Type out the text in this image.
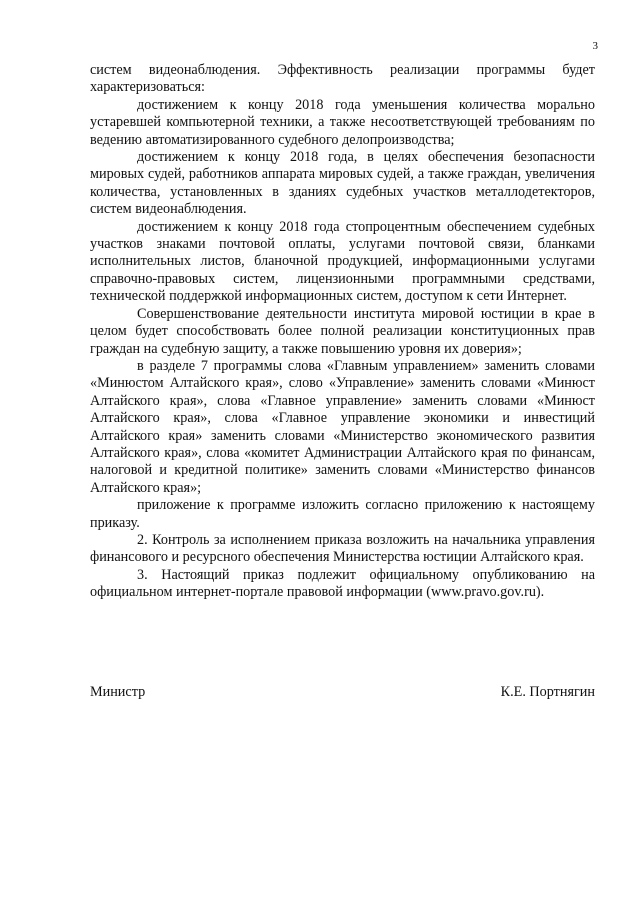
3

систем видеонаблюдения. Эффективность реализации программы будет характеризоваться:

достижением к концу 2018 года уменьшения количества морально устаревшей компьютерной техники, а также несоответствующей требованиям по ведению автоматизированного судебного делопроизводства;

достижением к концу 2018 года, в целях обеспечения безопасности мировых судей, работников аппарата мировых судей, а также граждан, увеличения количества, установленных в зданиях судебных участков металлодетекторов, систем видеонаблюдения.

достижением к концу 2018 года стопроцентным обеспечением судебных участков знаками почтовой оплаты, услугами почтовой связи, бланками исполнительных листов, бланочной продукцией, информационными услугами справочно-правовых систем, лицензионными программными средствами, технической поддержкой информационных систем, доступом к сети Интернет.

Совершенствование деятельности института мировой юстиции в крае в целом будет способствовать более полной реализации конституционных прав граждан на судебную защиту, а также повышению уровня их доверия»;

в разделе 7 программы слова «Главным управлением» заменить словами «Минюстом Алтайского края», слово «Управление» заменить словами «Минюст Алтайского края», слова «Главное управление» заменить словами «Минюст Алтайского края», слова «Главное управление экономики и инвестиций Алтайского края» заменить словами «Министерство экономического развития Алтайского края», слова «комитет Администрации Алтайского края по финансам, налоговой и кредитной политике» заменить словами «Министерство финансов Алтайского края»;

приложение к программе изложить согласно приложению к настоящему приказу.

2. Контроль за исполнением приказа возложить на начальника управления финансового и ресурсного обеспечения Министерства юстиции Алтайского края.

3. Настоящий приказ подлежит официальному опубликованию на официальном интернет-портале правовой информации (www.pravo.gov.ru).

Министр	К.Е. Портнягин
